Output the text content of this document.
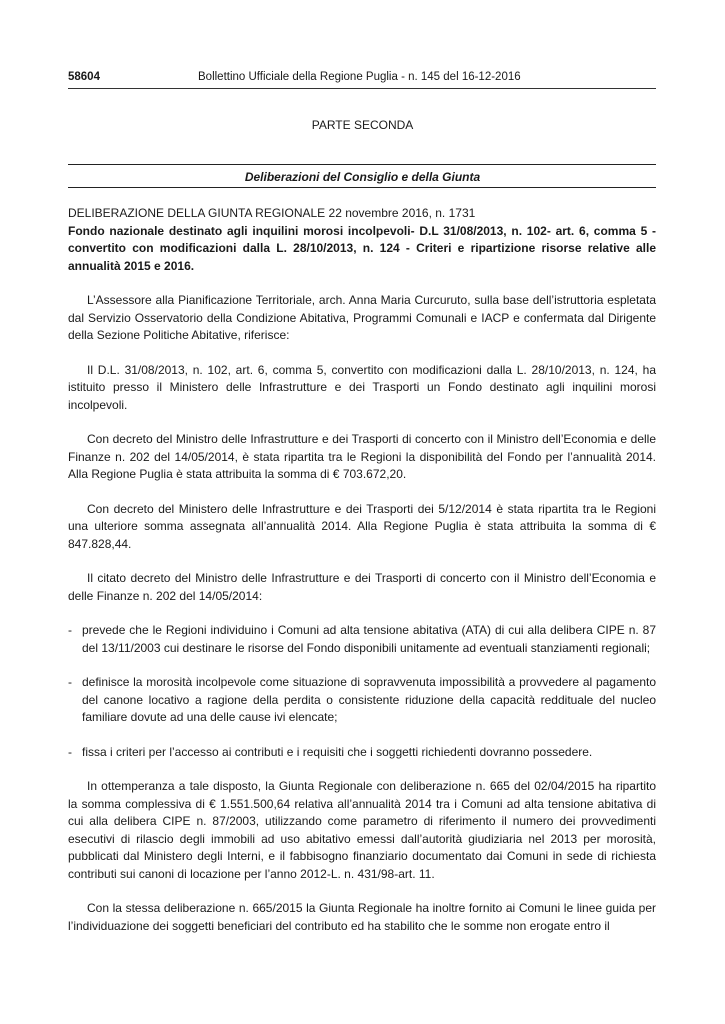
58604	Bollettino Ufficiale della Regione Puglia - n. 145 del 16-12-2016
PARTE SECONDA
Deliberazioni del Consiglio e della Giunta

DELIBERAZIONE DELLA GIUNTA REGIONALE 22 novembre 2016, n. 1731

Fondo nazionale destinato agli inquilini morosi incolpevoli- D.L 31/08/2013, n. 102- art. 6, comma 5 - convertito con modificazioni dalla L. 28/10/2013, n. 124 - Criteri e ripartizione risorse relative alle annualità 2015 e 2016.

L’Assessore alla Pianificazione Territoriale, arch. Anna Maria Curcuruto, sulla base dell’istruttoria espletata dal Servizio Osservatorio della Condizione Abitativa, Programmi Comunali e IACP e confermata dal Dirigente della Sezione Politiche Abitative, riferisce:

Il D.L. 31/08/2013, n. 102, art. 6, comma 5, convertito con modificazioni dalla L. 28/10/2013, n. 124, ha istituito presso il Ministero delle Infrastrutture e dei Trasporti un Fondo destinato agli inquilini morosi incolpevoli.

Con decreto del Ministro delle Infrastrutture e dei Trasporti di concerto con il Ministro dell’Economia e delle Finanze n. 202 del 14/05/2014, è stata ripartita tra le Regioni la disponibilità del Fondo per l’annualità 2014. Alla Regione Puglia è stata attribuita la somma di € 703.672,20.

Con decreto del Ministero delle Infrastrutture e dei Trasporti dei 5/12/2014 è stata ripartita tra le Regioni una ulteriore somma assegnata all’annualità 2014. Alla Regione Puglia è stata attribuita la somma di € 847.828,44.

Il citato decreto del Ministro delle Infrastrutture e dei Trasporti di concerto con il Ministro dell’Economia e delle Finanze n. 202 del 14/05/2014:

- prevede che le Regioni individuino i Comuni ad alta tensione abitativa (ATA) di cui alla delibera CIPE n. 87 del 13/11/2003 cui destinare le risorse del Fondo disponibili unitamente ad eventuali stanziamenti regionali;

- definisce la morosità incolpevole come situazione di sopravvenuta impossibilità a provvedere al pagamento del canone locativo a ragione della perdita o consistente riduzione della capacità reddituale del nucleo familiare dovute ad una delle cause ivi elencate;

- fissa i criteri per l’accesso ai contributi e i requisiti che i soggetti richiedenti dovranno possedere.

In ottemperanza a tale disposto, la Giunta Regionale con deliberazione n. 665 del 02/04/2015 ha ripartito la somma complessiva di € 1.551.500,64 relativa all’annualità 2014 tra i Comuni ad alta tensione abitativa di cui alla delibera CIPE n. 87/2003, utilizzando come parametro di riferimento il numero dei provvedimenti esecutivi di rilascio degli immobili ad uso abitativo emessi dall’autorità giudiziaria nel 2013 per morosità, pubblicati dal Ministero degli Interni, e il fabbisogno finanziario documentato dai Comuni in sede di richiesta contributi sui canoni di locazione per l’anno 2012-L. n. 431/98-art. 11.

Con la stessa deliberazione n. 665/2015 la Giunta Regionale ha inoltre fornito ai Comuni le linee guida per l’individuazione dei soggetti beneficiari del contributo ed ha stabilito che le somme non erogate entro il
